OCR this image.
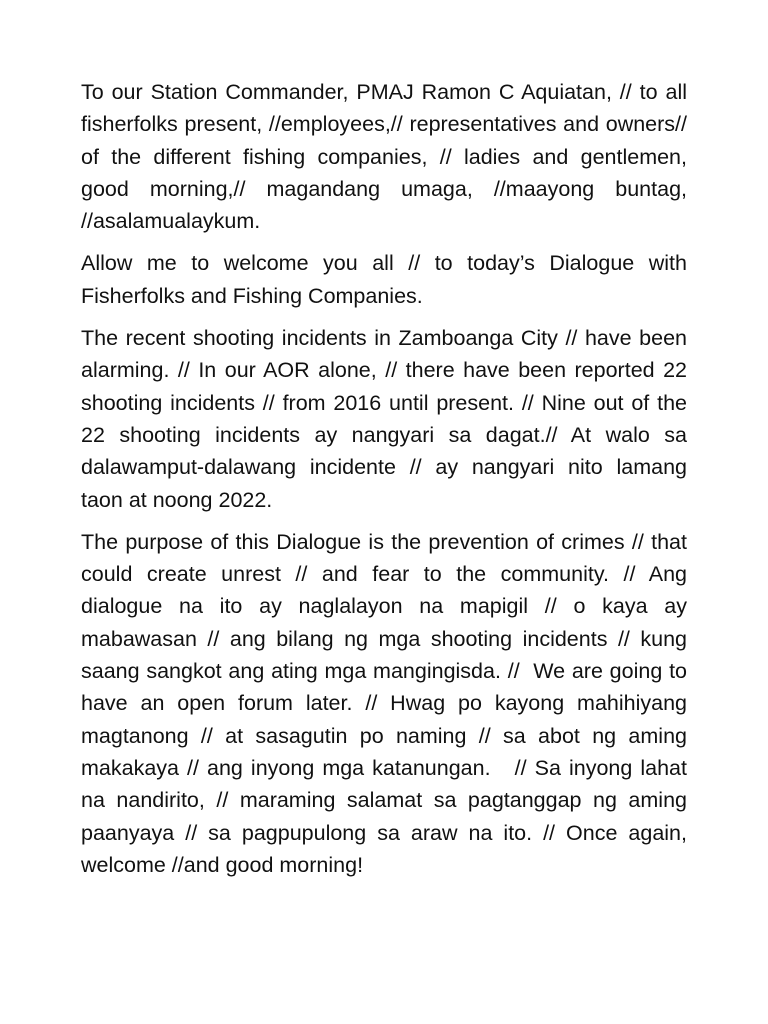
To our Station Commander, PMAJ Ramon C Aquiatan, // to all fisherfolks present, //employees,// representatives and owners// of the different fishing companies, // ladies and gentlemen, good morning,// magandang umaga, //maayong buntag, //asalamualaykum.

Allow me to welcome you all // to today’s Dialogue with Fisherfolks and Fishing Companies.

The recent shooting incidents in Zamboanga City // have been alarming. // In our AOR alone, // there have been reported 22 shooting incidents // from 2016 until present. // Nine out of the 22 shooting incidents ay nangyari sa dagat.// At walo sa dalawamput-dalawang incidente // ay nangyari nito lamang taon at noong 2022.

The purpose of this Dialogue is the prevention of crimes // that could create unrest // and fear to the community. // Ang dialogue na ito ay naglalayon na mapigil // o kaya ay mabawasan // ang bilang ng mga shooting incidents // kung saang sangkot ang ating mga mangingisda. //  We are going to have an open forum later. // Hwag po kayong mahihiyang magtanong // at sasagutin po naming // sa abot ng aming makakaya // ang inyong mga katanungan.   // Sa inyong lahat na nandirito, // maraming salamat sa pagtanggap ng aming paanyaya // sa pagpupulong sa araw na ito. // Once again, welcome //and good morning!
